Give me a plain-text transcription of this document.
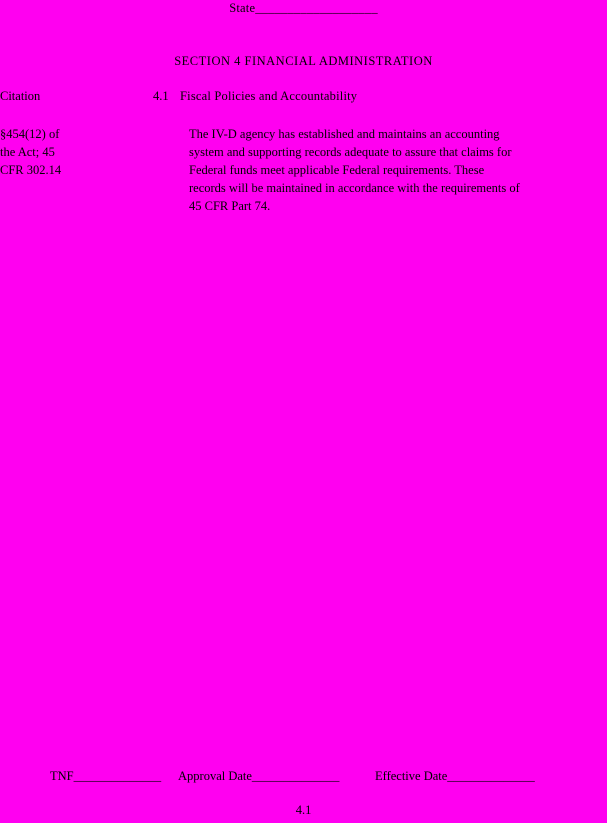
State___________________
SECTION 4 FINANCIAL ADMINISTRATION
Citation	4.1 Fiscal Policies and Accountability
§454(12) of
the Act; 45
CFR 302.14
The IV-D agency has established and maintains an accounting
system and supporting records adequate to assure that claims for
Federal funds meet applicable Federal requirements. These
records will be maintained in accordance with the requirements of
45 CFR Part 74.
TNF______________ Approval Date______________	Effective Date______________
4.1
